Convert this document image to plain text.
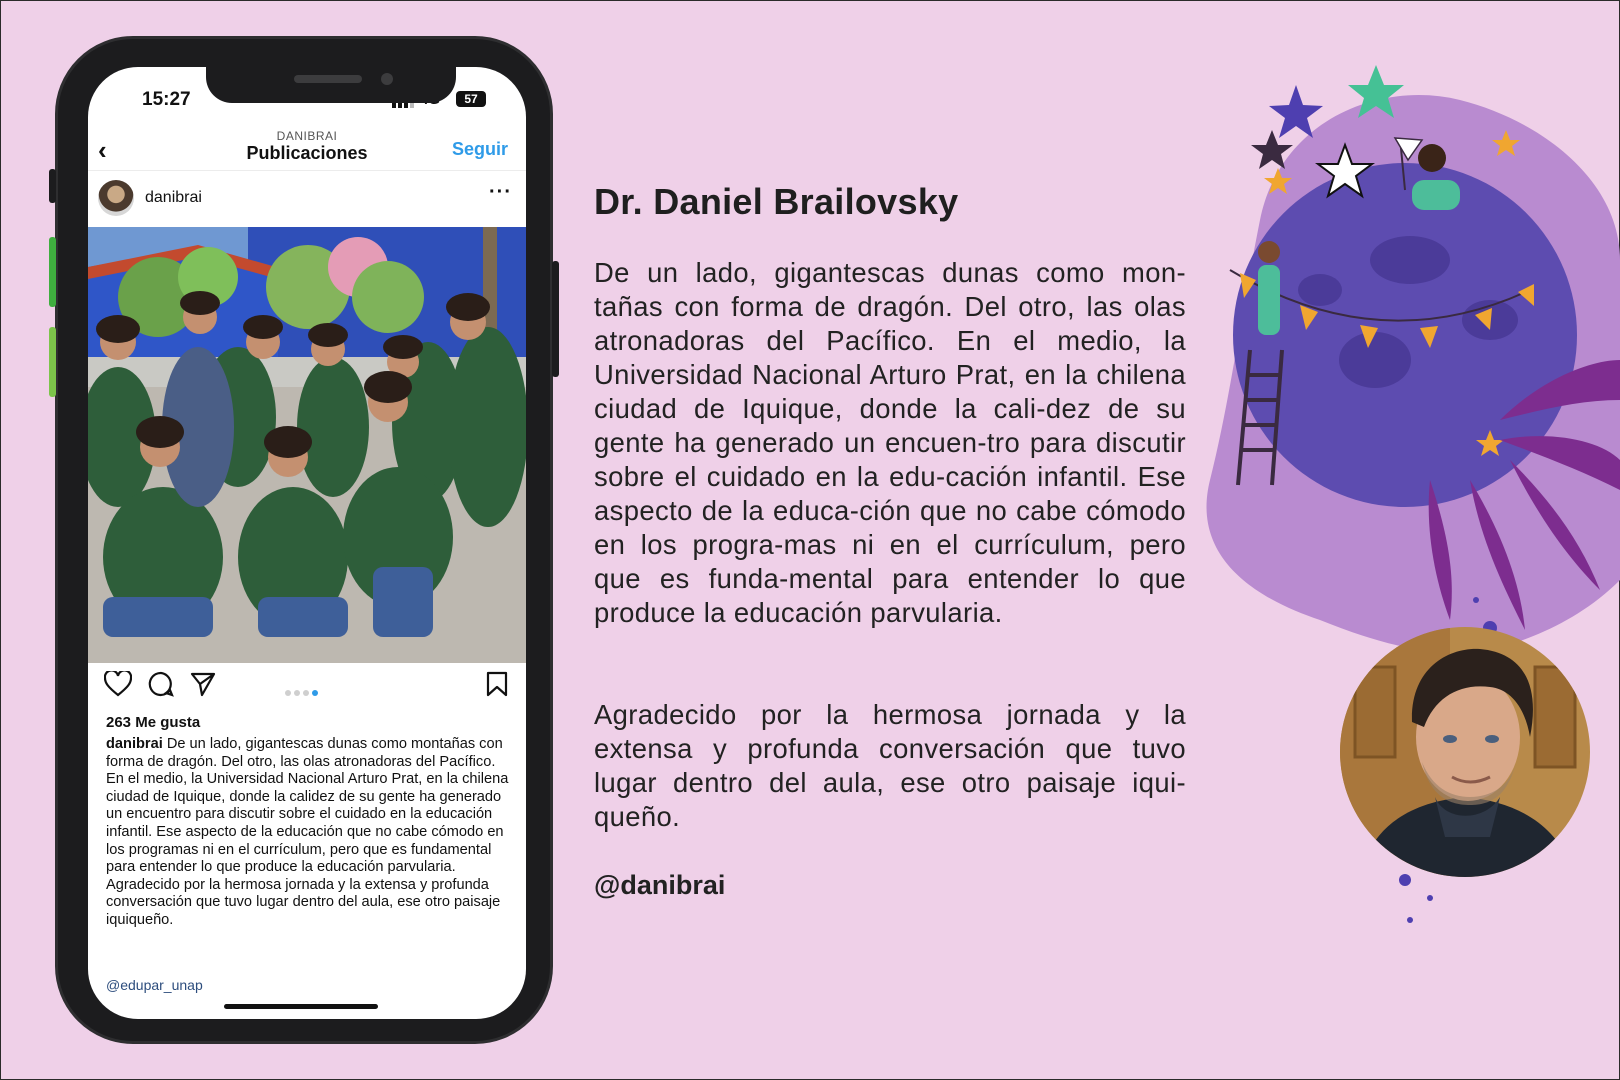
15:27	57
‹	DANIBRAI
Publicaciones	Seguir
danibrai	···
263 Me gusta

danibrai De un lado, gigantescas dunas como montañas con forma de dragón. Del otro, las olas atronadoras del Pacífico. En el medio, la Universidad Nacional Arturo Prat, en la chilena ciudad de Iquique, donde la calidez de su gente ha generado un encuentro para discutir sobre el cuidado en la educación infantil. Ese aspecto de la educación que no cabe cómodo en los programas ni en el currículum, pero que es fundamental para entender lo que produce la educación parvularia.

Agradecido por la hermosa jornada y la extensa y profunda conversación que tuvo lugar dentro del aula, ese otro paisaje iquiqueño.

@edupar_unap
Dr. Daniel Brailovsky
De un lado, gigantescas dunas como mon-tañas con forma de dragón. Del otro, las olas atronadoras del Pacífico. En el medio, la Universidad Nacional Arturo Prat, en la chilena ciudad de Iquique, donde la cali-dez de su gente ha generado un encuen-tro para discutir sobre el cuidado en la edu-cación infantil. Ese aspecto de la educa-ción que no cabe cómodo en los progra-mas ni en el currículum, pero que es funda-mental para entender lo que produce la educación parvularia.
Agradecido por la hermosa jornada y la extensa y profunda conversación que tuvo lugar dentro del aula, ese otro paisaje iqui-queño.
@danibrai
